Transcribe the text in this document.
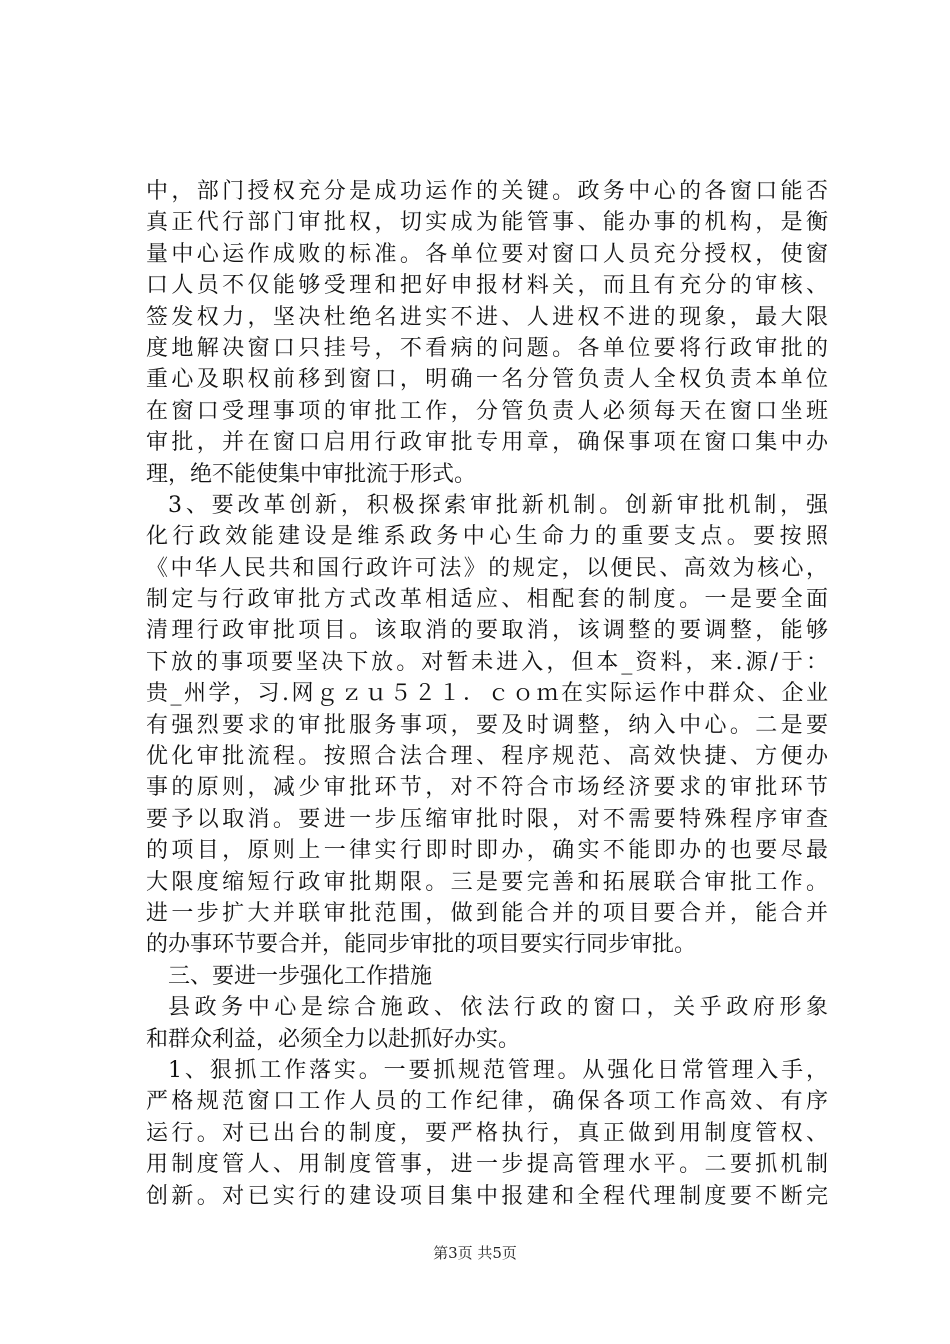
中，部门授权充分是成功运作的关键。政务中心的各窗口能否
真正代行部门审批权，切实成为能管事、能办事的机构，是衡
量中心运作成败的标准。各单位要对窗口人员充分授权，使窗
口人员不仅能够受理和把好申报材料关，而且有充分的审核、
签发权力，坚决杜绝名进实不进、人进权不进的现象，最大限
度地解决窗口只挂号，不看病的问题。各单位要将行政审批的
重心及职权前移到窗口，明确一名分管负责人全权负责本单位
在窗口受理事项的审批工作，分管负责人必须每天在窗口坐班
审批，并在窗口启用行政审批专用章，确保事项在窗口集中办
理，绝不能使集中审批流于形式。
3、要改革创新，积极探索审批新机制。创新审批机制，强
化行政效能建设是维系政务中心生命力的重要支点。要按照
《中华人民共和国行政许可法》的规定，以便民、高效为核心，
制定与行政审批方式改革相适应、相配套的制度。一是要全面
清理行政审批项目。该取消的要取消，该调整的要调整，能够
下放的事项要坚决下放。对暂未进入，但本_资料，来.源/于：
贵_州学，习.网ｇｚｕ５２１．ｃｏｍ在实际运作中群众、企业
有强烈要求的审批服务事项，要及时调整，纳入中心。二是要
优化审批流程。按照合法合理、程序规范、高效快捷、方便办
事的原则，减少审批环节，对不符合市场经济要求的审批环节
要予以取消。要进一步压缩审批时限，对不需要特殊程序审查
的项目，原则上一律实行即时即办，确实不能即办的也要尽最
大限度缩短行政审批期限。三是要完善和拓展联合审批工作。
进一步扩大并联审批范围，做到能合并的项目要合并，能合并
的办事环节要合并，能同步审批的项目要实行同步审批。
三、要进一步强化工作措施
县政务中心是综合施政、依法行政的窗口，关乎政府形象
和群众利益，必须全力以赴抓好办实。
1、狠抓工作落实。一要抓规范管理。从强化日常管理入手，
严格规范窗口工作人员的工作纪律，确保各项工作高效、有序
运行。对已出台的制度，要严格执行，真正做到用制度管权、
用制度管人、用制度管事，进一步提高管理水平。二要抓机制
创新。对已实行的建设项目集中报建和全程代理制度要不断完
第3页 共5页
